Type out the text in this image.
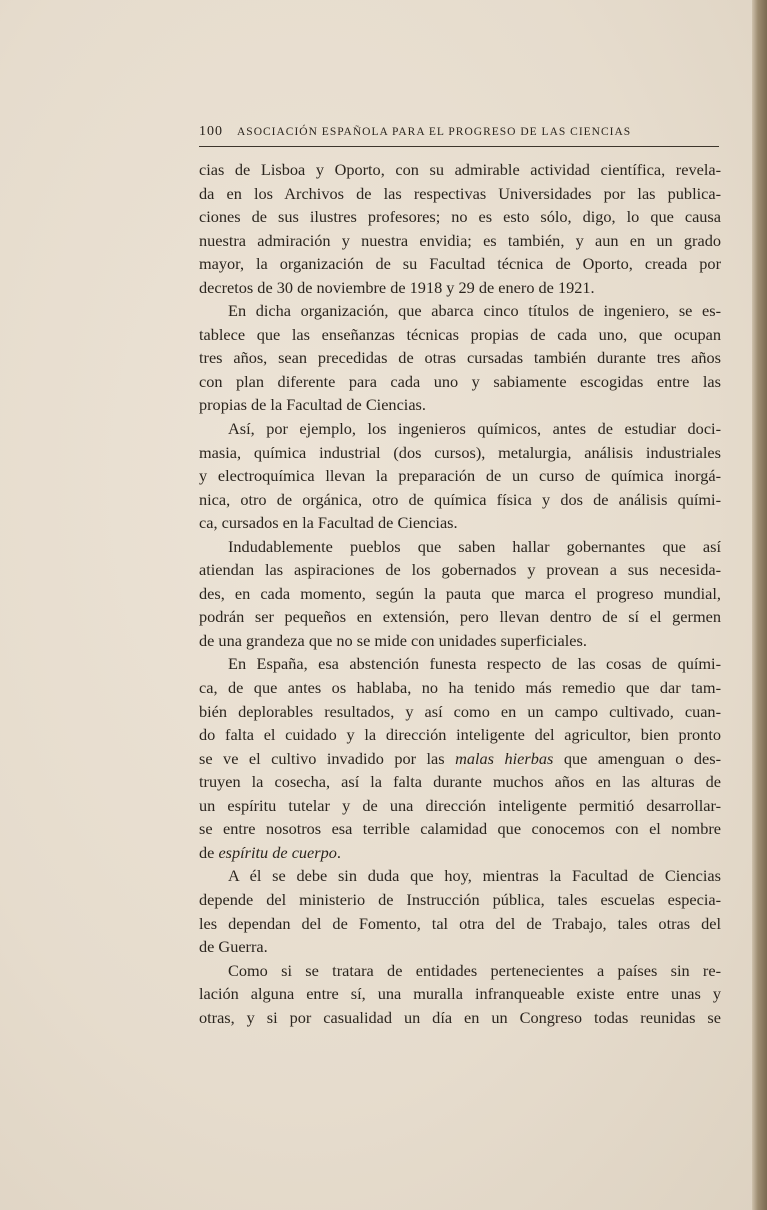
100 ASOCIACIÓN ESPAÑOLA PARA EL PROGRESO DE LAS CIENCIAS
cias de Lisboa y Oporto, con su admirable actividad científica, revela-
da en los Archivos de las respectivas Universidades por las publica-
ciones de sus ilustres profesores; no es esto sólo, digo, lo que causa
nuestra admiración y nuestra envidia; es también, y aun en un grado
mayor, la organización de su Facultad técnica de Oporto, creada por
decretos de 30 de noviembre de 1918 y 29 de enero de 1921.
En dicha organización, que abarca cinco títulos de ingeniero, se es-
tablece que las enseñanzas técnicas propias de cada uno, que ocupan
tres años, sean precedidas de otras cursadas también durante tres años
con plan diferente para cada uno y sabiamente escogidas entre las
propias de la Facultad de Ciencias.
Así, por ejemplo, los ingenieros químicos, antes de estudiar doci-
masia, química industrial (dos cursos), metalurgia, análisis industriales
y electroquímica llevan la preparación de un curso de química inorgá-
nica, otro de orgánica, otro de química física y dos de análisis quími-
ca, cursados en la Facultad de Ciencias.
Indudablemente pueblos que saben hallar gobernantes que así
atiendan las aspiraciones de los gobernados y provean a sus necesida-
des, en cada momento, según la pauta que marca el progreso mundial,
podrán ser pequeños en extensión, pero llevan dentro de sí el germen
de una grandeza que no se mide con unidades superficiales.
En España, esa abstención funesta respecto de las cosas de quími-
ca, de que antes os hablaba, no ha tenido más remedio que dar tam-
bién deplorables resultados, y así como en un campo cultivado, cuan-
do falta el cuidado y la dirección inteligente del agricultor, bien pronto
se ve el cultivo invadido por las malas hierbas que amenguan o des-
truyen la cosecha, así la falta durante muchos años en las alturas de
un espíritu tutelar y de una dirección inteligente permitió desarrollar-
se entre nosotros esa terrible calamidad que conocemos con el nombre
de espíritu de cuerpo.
A él se debe sin duda que hoy, mientras la Facultad de Ciencias
depende del ministerio de Instrucción pública, tales escuelas especia-
les dependan del de Fomento, tal otra del de Trabajo, tales otras del
de Guerra.
Como si se tratara de entidades pertenecientes a países sin re-
lación alguna entre sí, una muralla infranqueable existe entre unas y
otras, y si por casualidad un día en un Congreso todas reunidas se
